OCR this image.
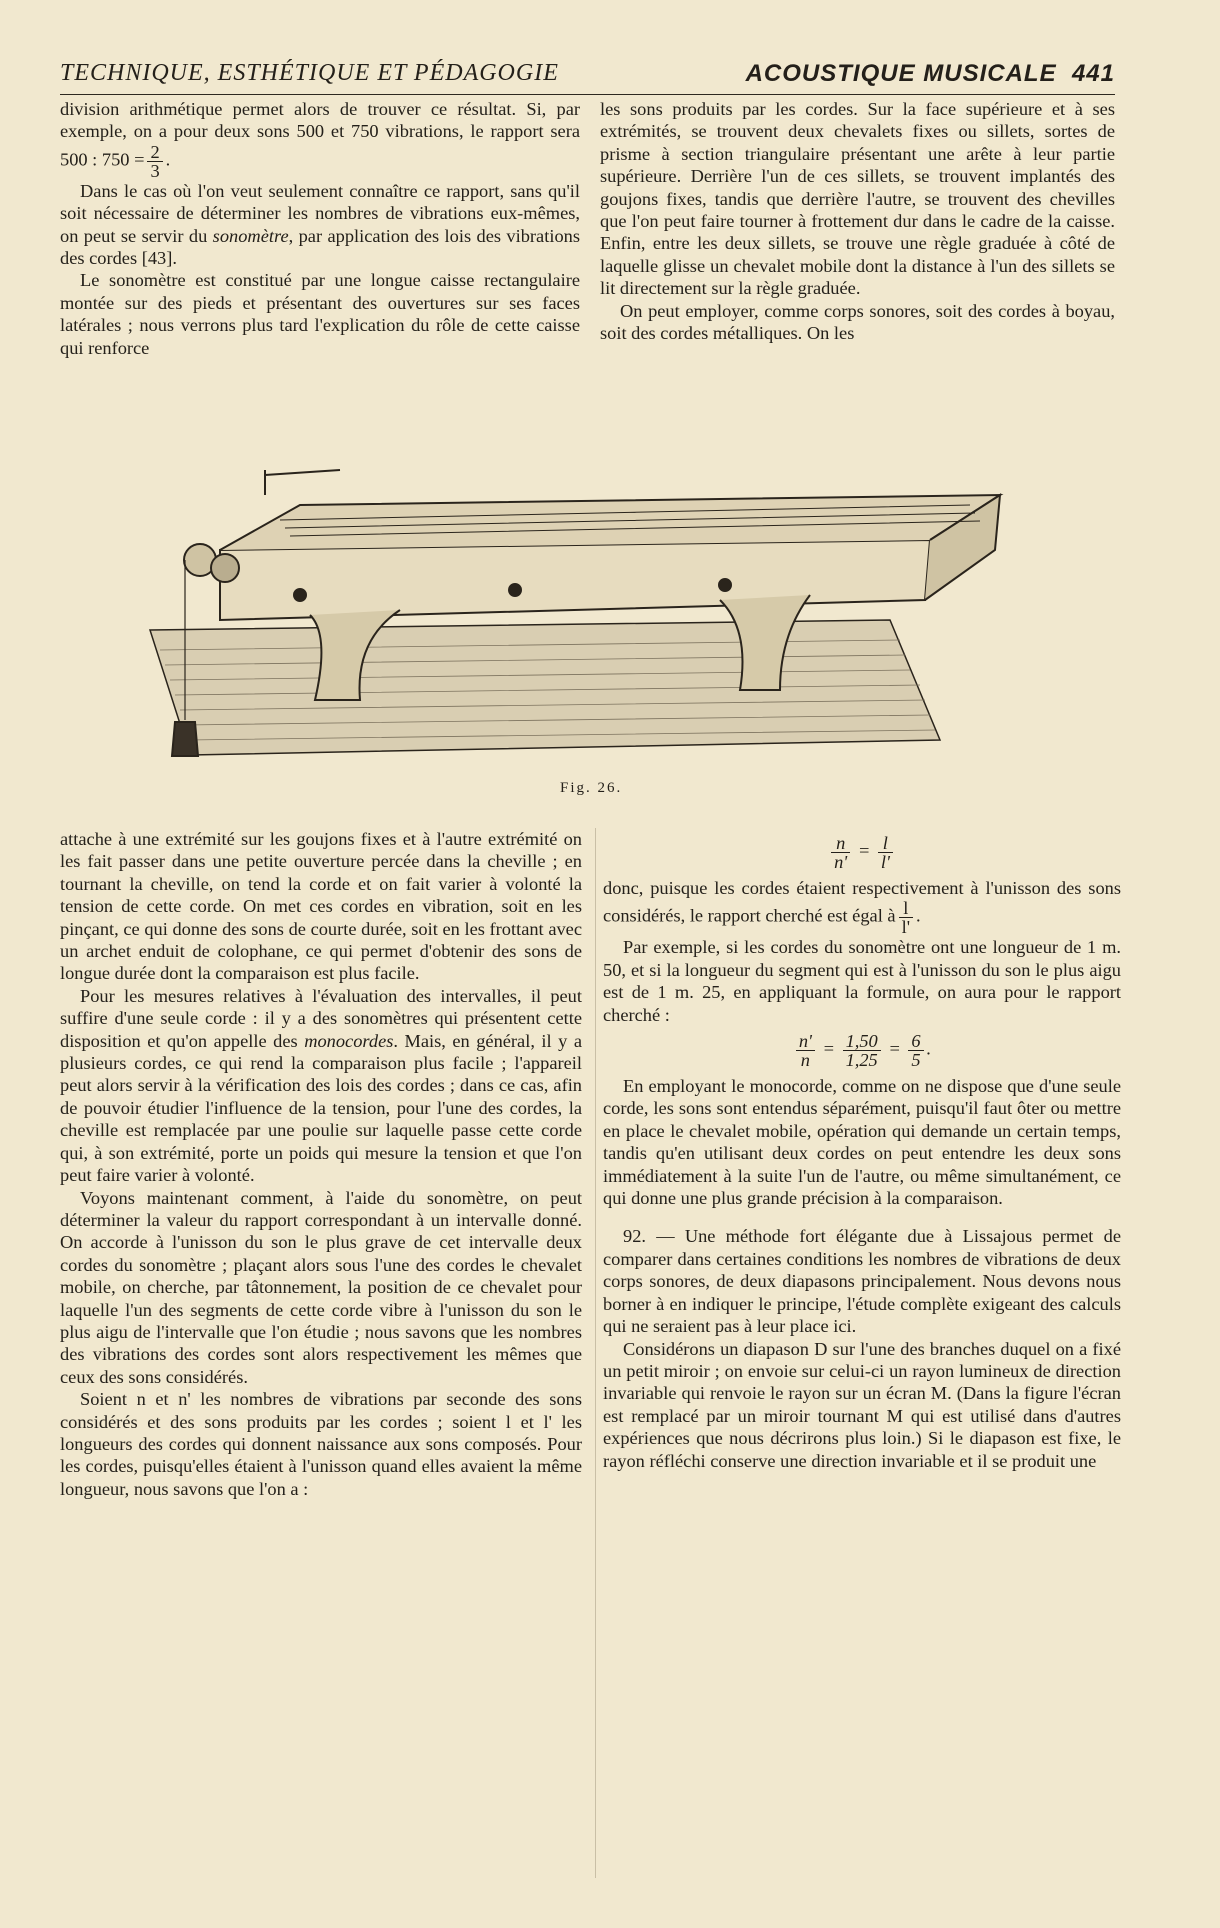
TECHNIQUE, ESTHÉTIQUE ET PÉDAGOGIE	ACOUSTIQUE MUSICALE 441

division arithmétique permet alors de trouver ce résultat. Si, par exemple, on a pour deux sons 500 et 750 vibrations, le rapport sera 500 : $750 = \frac{2}{3}$ .

Dans le cas où l'on veut seulement connaître ce rapport, sans qu'il soit nécessaire de déterminer les nombres de vibrations eux-mêmes, on peut se servir du sonomètre, par application des lois des vibrations des cordes [43].

Le sonomètre est constitué par une longue caisse rectangulaire montée sur des pieds et présentant des ouvertures sur ses faces latérales ; nous verrons plus tard l'explication du rôle de cette caisse qui renforce

les sons produits par les cordes. Sur la face supérieure et à ses extrémités, se trouvent deux chevalets fixes ou sillets, sortes de prisme à section triangulaire présentant une arête à leur partie supérieure. Derrière l'un de ces sillets, se trouvent implantés des goujons fixes, tandis que derrière l'autre, se trouvent des chevilles que l'on peut faire tourner à frottement dur dans le cadre de la caisse. Enfin, entre les deux sillets, se trouve une règle graduée à côté de laquelle glisse un chevalet mobile dont la distance à l'un des sillets se lit directement sur la règle graduée.

On peut employer, comme corps sonores, soit des cordes à boyau, soit des cordes métalliques. On les

Fig. 26.

attache à une extrémité sur les goujons fixes et à l'autre extrémité on les fait passer dans une petite ouverture percée dans la cheville ; en tournant la cheville, on tend la corde et on fait varier à volonté la tension de cette corde. On met ces cordes en vibration, soit en les pinçant, ce qui donne des sons de courte durée, soit en les frottant avec un archet enduit de colophane, ce qui permet d'obtenir des sons de longue durée dont la comparaison est plus facile.

Pour les mesures relatives à l'évaluation des intervalles, il peut suffire d'une seule corde : il y a des sonomètres qui présentent cette disposition et qu'on appelle des monocordes. Mais, en général, il y a plusieurs cordes, ce qui rend la comparaison plus facile ; l'appareil peut alors servir à la vérification des lois des cordes ; dans ce cas, afin de pouvoir étudier l'influence de la tension, pour l'une des cordes, la cheville est remplacée par une poulie sur laquelle passe cette corde qui, à son extrémité, porte un poids qui mesure la tension et que l'on peut faire varier à volonté.

Voyons maintenant comment, à l'aide du sonomètre, on peut déterminer la valeur du rapport correspondant à un intervalle donné. On accorde à l'unisson du son le plus grave de cet intervalle deux cordes du sonomètre ; plaçant alors sous l'une des cordes le chevalet mobile, on cherche, par tâtonnement, la position de ce chevalet pour laquelle l'un des segments de cette corde vibre à l'unisson du son le plus aigu de l'intervalle que l'on étudie ; nous savons que les nombres des vibrations des cordes sont alors respectivement les mêmes que ceux des sons considérés.

Soient n et n' les nombres de vibrations par seconde des sons considérés et des sons produits par les cordes ; soient l et l' les longueurs des cordes qui donnent naissance aux sons composés. Pour les cordes, puisqu'elles étaient à l'unisson quand elles avaient la même longueur, nous savons que l'on a :

$\frac{n}{n'} = \frac{l}{l'}$

donc, puisque les cordes étaient respectivement à l'unisson des sons considérés, le rapport cherché est égal à $\frac{l}{l'}$ .

Par exemple, si les cordes du sonomètre ont une longueur de 1 m. 50, et si la longueur du segment qui est à l'unisson du son le plus aigu est de 1 m. 25, en appliquant la formule, on aura pour le rapport cherché :

$\frac{n'}{n} = \frac{1,50}{1,25} = \frac{6}{5}$ .

En employant le monocorde, comme on ne dispose que d'une seule corde, les sons sont entendus séparément, puisqu'il faut ôter ou mettre en place le chevalet mobile, opération qui demande un certain temps, tandis qu'en utilisant deux cordes on peut entendre les deux sons immédiatement à la suite l'un de l'autre, ou même simultanément, ce qui donne une plus grande précision à la comparaison.

92. — Une méthode fort élégante due à Lissajous permet de comparer dans certaines conditions les nombres de vibrations de deux corps sonores, de deux diapasons principalement. Nous devons nous borner à en indiquer le principe, l'étude complète exigeant des calculs qui ne seraient pas à leur place ici.

Considérons un diapason D sur l'une des branches duquel on a fixé un petit miroir ; on envoie sur celui-ci un rayon lumineux de direction invariable qui renvoie le rayon sur un écran M. (Dans la figure l'écran est remplacé par un miroir tournant M qui est utilisé dans d'autres expériences que nous décrirons plus loin.) Si le diapason est fixe, le rayon réfléchi conserve une direction invariable et il se produit une
